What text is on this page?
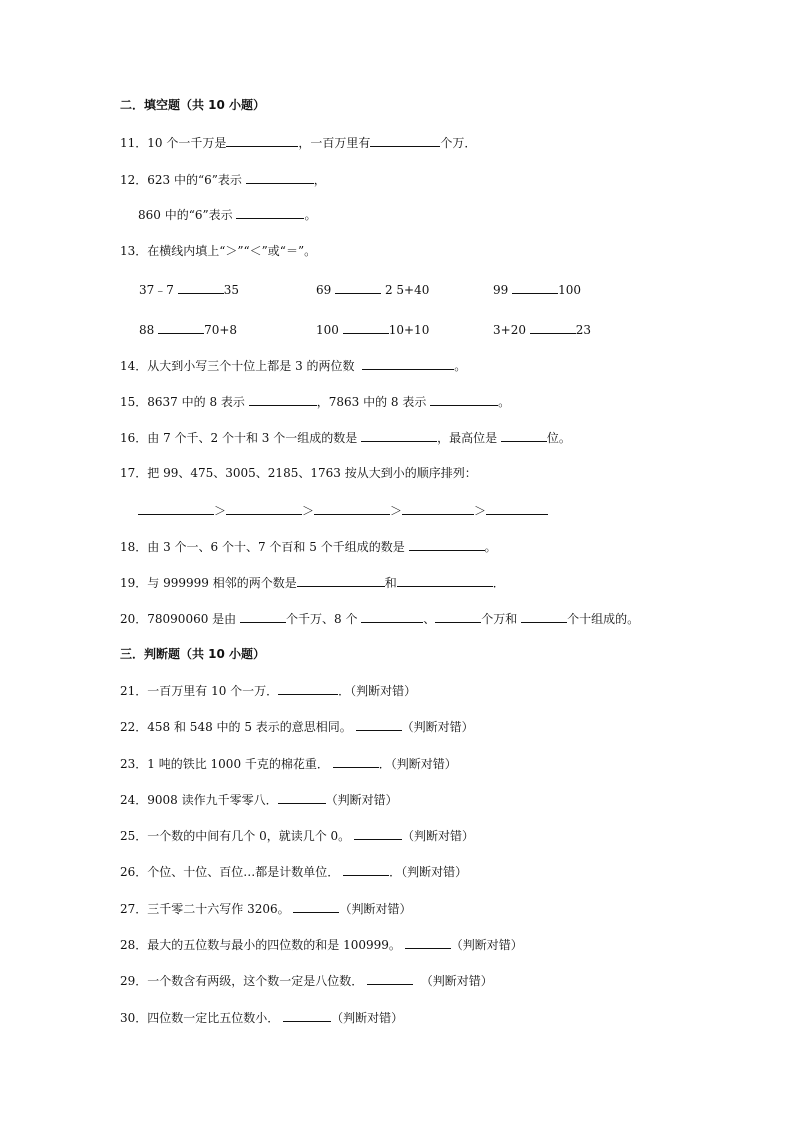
二．填空题（共 10 小题）
11．10 个一千万是	，一百万里有	个万．
12．623 中的“6”表示	，
860 中的“6”表示	。
13．在横线内填上“＞”“＜”或“＝”。
37﹣7	35	69	2 5+40	99	100
88	70+8	100	10+10	3+20	23
14．从大到小写三个十位上都是 3 的两位数	。
15．8637 中的 8 表示	，7863 中的 8 表示	。
16．由 7 个千、2 个十和 3 个一组成的数是	，最高位是	位。
17．把 99、475、3005、2185、1763 按从大到小的顺序排列：
＞	＞	＞	＞
18．由 3 个一、6 个十、7 个百和 5 个千组成的数是	。
19．与 999999 相邻的两个数是	和	．
20．78090060 是由	个千万、8 个	、	个万和	个十组成的。
三．判断题（共 10 小题）
21．一百万里有 10 个一万．	．（判断对错）
22．458 和 548 中的 5 表示的意思相同。	（判断对错）
23．1 吨的铁比 1000 千克的棉花重．	．（判断对错）
24．9008 读作九千零零八．	（判断对错）
25．一个数的中间有几个 0，就读几个 0。	（判断对错）
26．个位、十位、百位…都是计数单位．	．（判断对错）
27．三千零二十六写作 3206。	（判断对错）
28．最大的五位数与最小的四位数的和是 100999。	（判断对错）
29．一个数含有两级，这个数一定是八位数．	（判断对错）
30．四位数一定比五位数小．	（判断对错）
